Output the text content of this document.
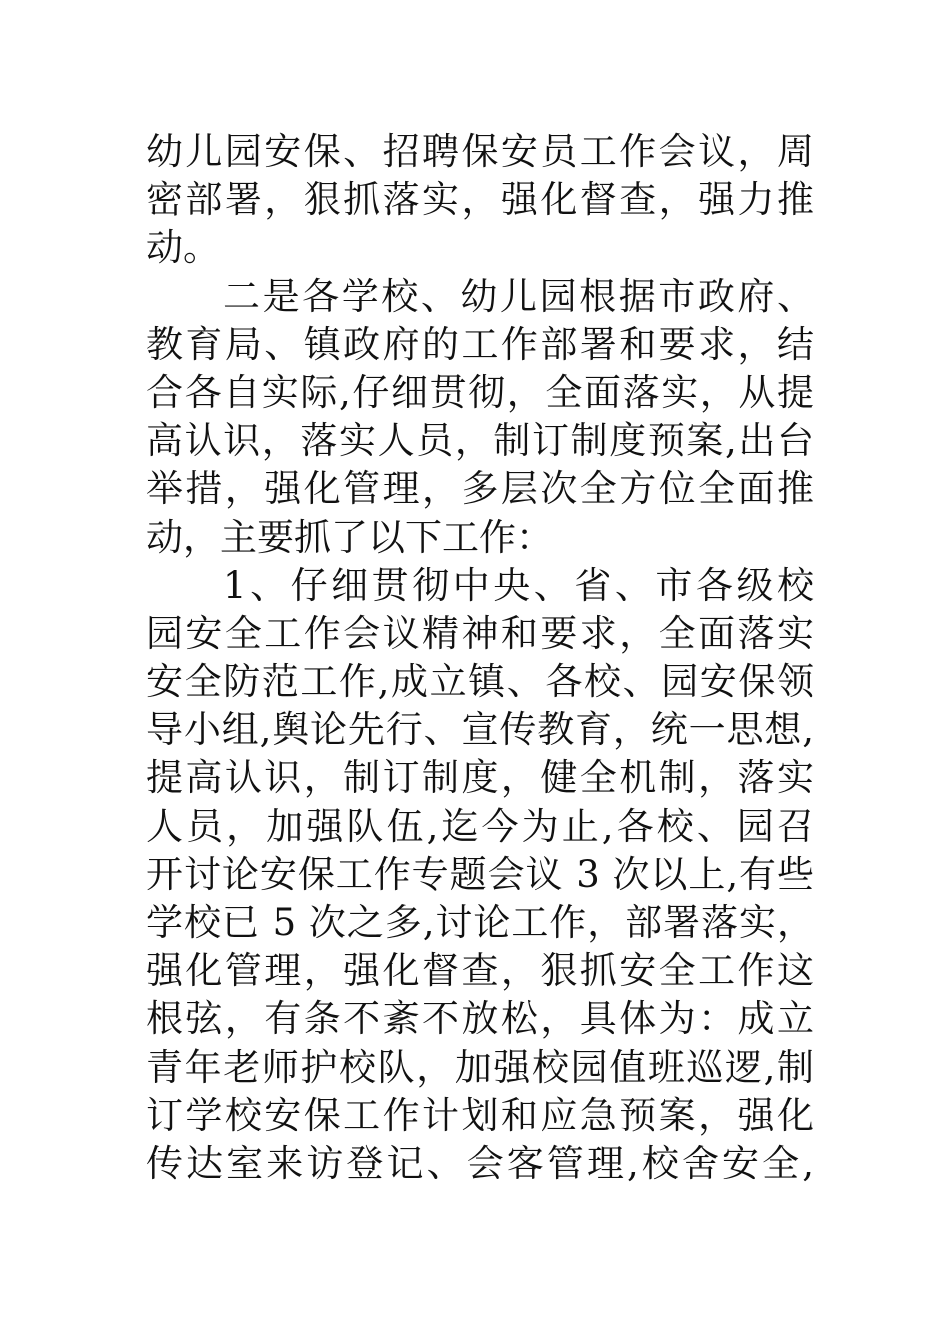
幼儿园安保、招聘保安员工作会议，周
密部署，狠抓落实，强化督查，强力推
动。
二是各学校、幼儿园根据市政府、
教育局、镇政府的工作部署和要求，结
合各自实际,仔细贯彻，全面落实，从提
高认识，落实人员，制订制度预案,出台
举措，强化管理，多层次全方位全面推
动，主要抓了以下工作：
1、仔细贯彻中央、省、市各级校
园安全工作会议精神和要求，全面落实
安全防范工作,成立镇、各校、园安保领
导小组,舆论先行、宣传教育，统一思想,
提高认识，制订制度，健全机制，落实
人员，加强队伍,迄今为止,各校、园召
开讨论安保工作专题会议 3 次以上,有些
学校已 5 次之多,讨论工作，部署落实，
强化管理，强化督查，狠抓安全工作这
根弦，有条不紊不放松，具体为：成立
青年老师护校队，加强校园值班巡逻,制
订学校安保工作计划和应急预案，强化
传达室来访登记、会客管理,校舍安全,
